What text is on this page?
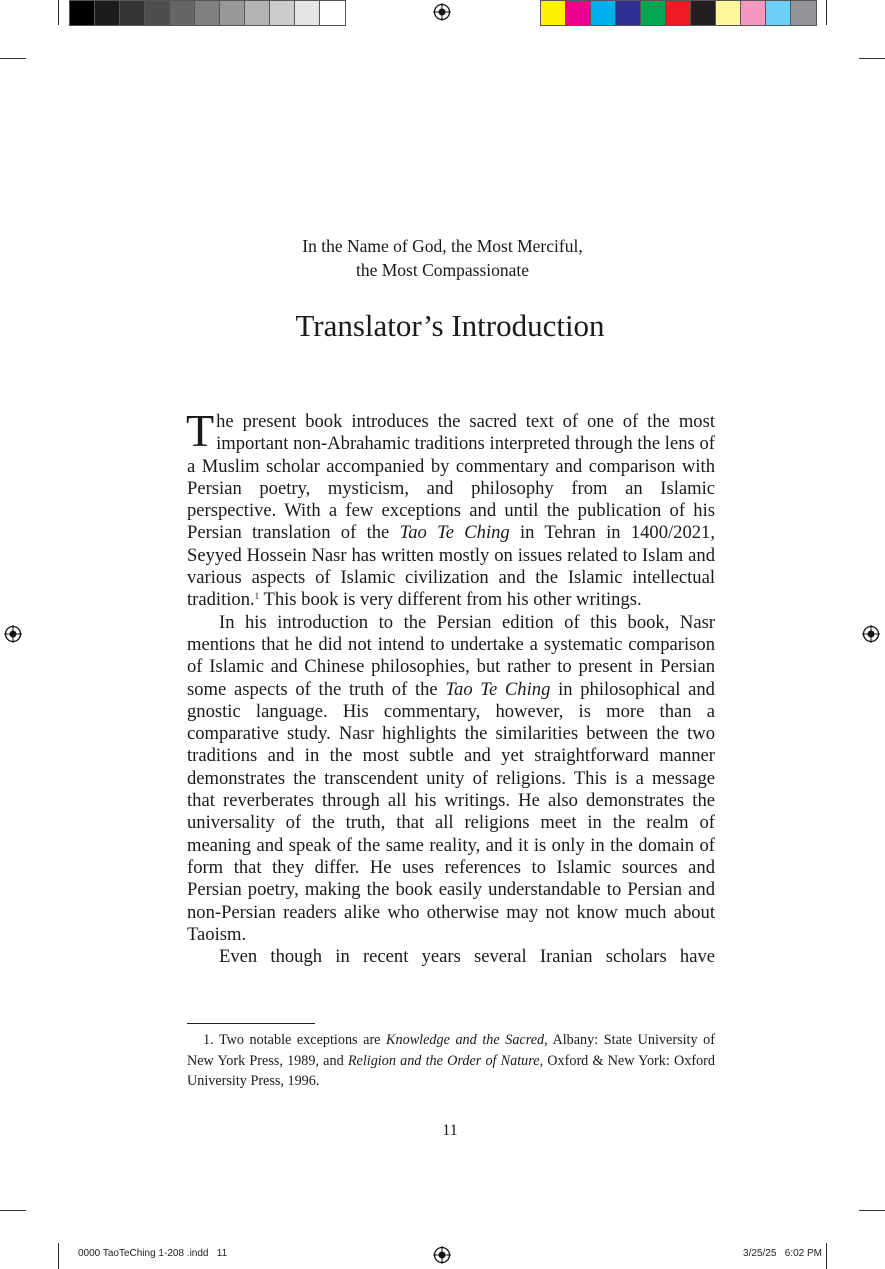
In the Name of God, the Most Merciful,
the Most Compassionate
Translator’s Introduction

The present book introduces the sacred text of one of the most important non-Abrahamic traditions interpreted through the lens of a Muslim scholar accompanied by commentary and comparison with Persian poetry, mysticism, and philosophy from an Islamic perspective. With a few exceptions and until the publication of his Persian translation of the Tao Te Ching in Tehran in 1400/2021, Seyyed Hossein Nasr has written mostly on issues related to Islam and various aspects of Islamic civilization and the Islamic intellectual tradition.$^1$ This book is very different from his other writings.

In his introduction to the Persian edition of this book, Nasr mentions that he did not intend to undertake a systematic comparison of Islamic and Chinese philosophies, but rather to present in Persian some aspects of the truth of the Tao Te Ching in philosophical and gnostic language. His commentary, however, is more than a comparative study. Nasr highlights the similarities between the two traditions and in the most subtle and yet straightforward manner demonstrates the transcendent unity of religions. This is a message that reverberates through all his writings. He also demonstrates the universality of the truth, that all religions meet in the realm of meaning and speak of the same reality, and it is only in the domain of form that they differ. He uses references to Islamic sources and Persian poetry, making the book easily understandable to Persian and non-Persian readers alike who otherwise may not know much about Taoism.

Even though in recent years several Iranian scholars have

1. Two notable exceptions are Knowledge and the Sacred, Albany: State University of New York Press, 1989, and Religion and the Order of Nature, Oxford & New York: Oxford University Press, 1996.
11
0000 TaoTeChing 1-208 .indd   11	3/25/25   6:02 PM
